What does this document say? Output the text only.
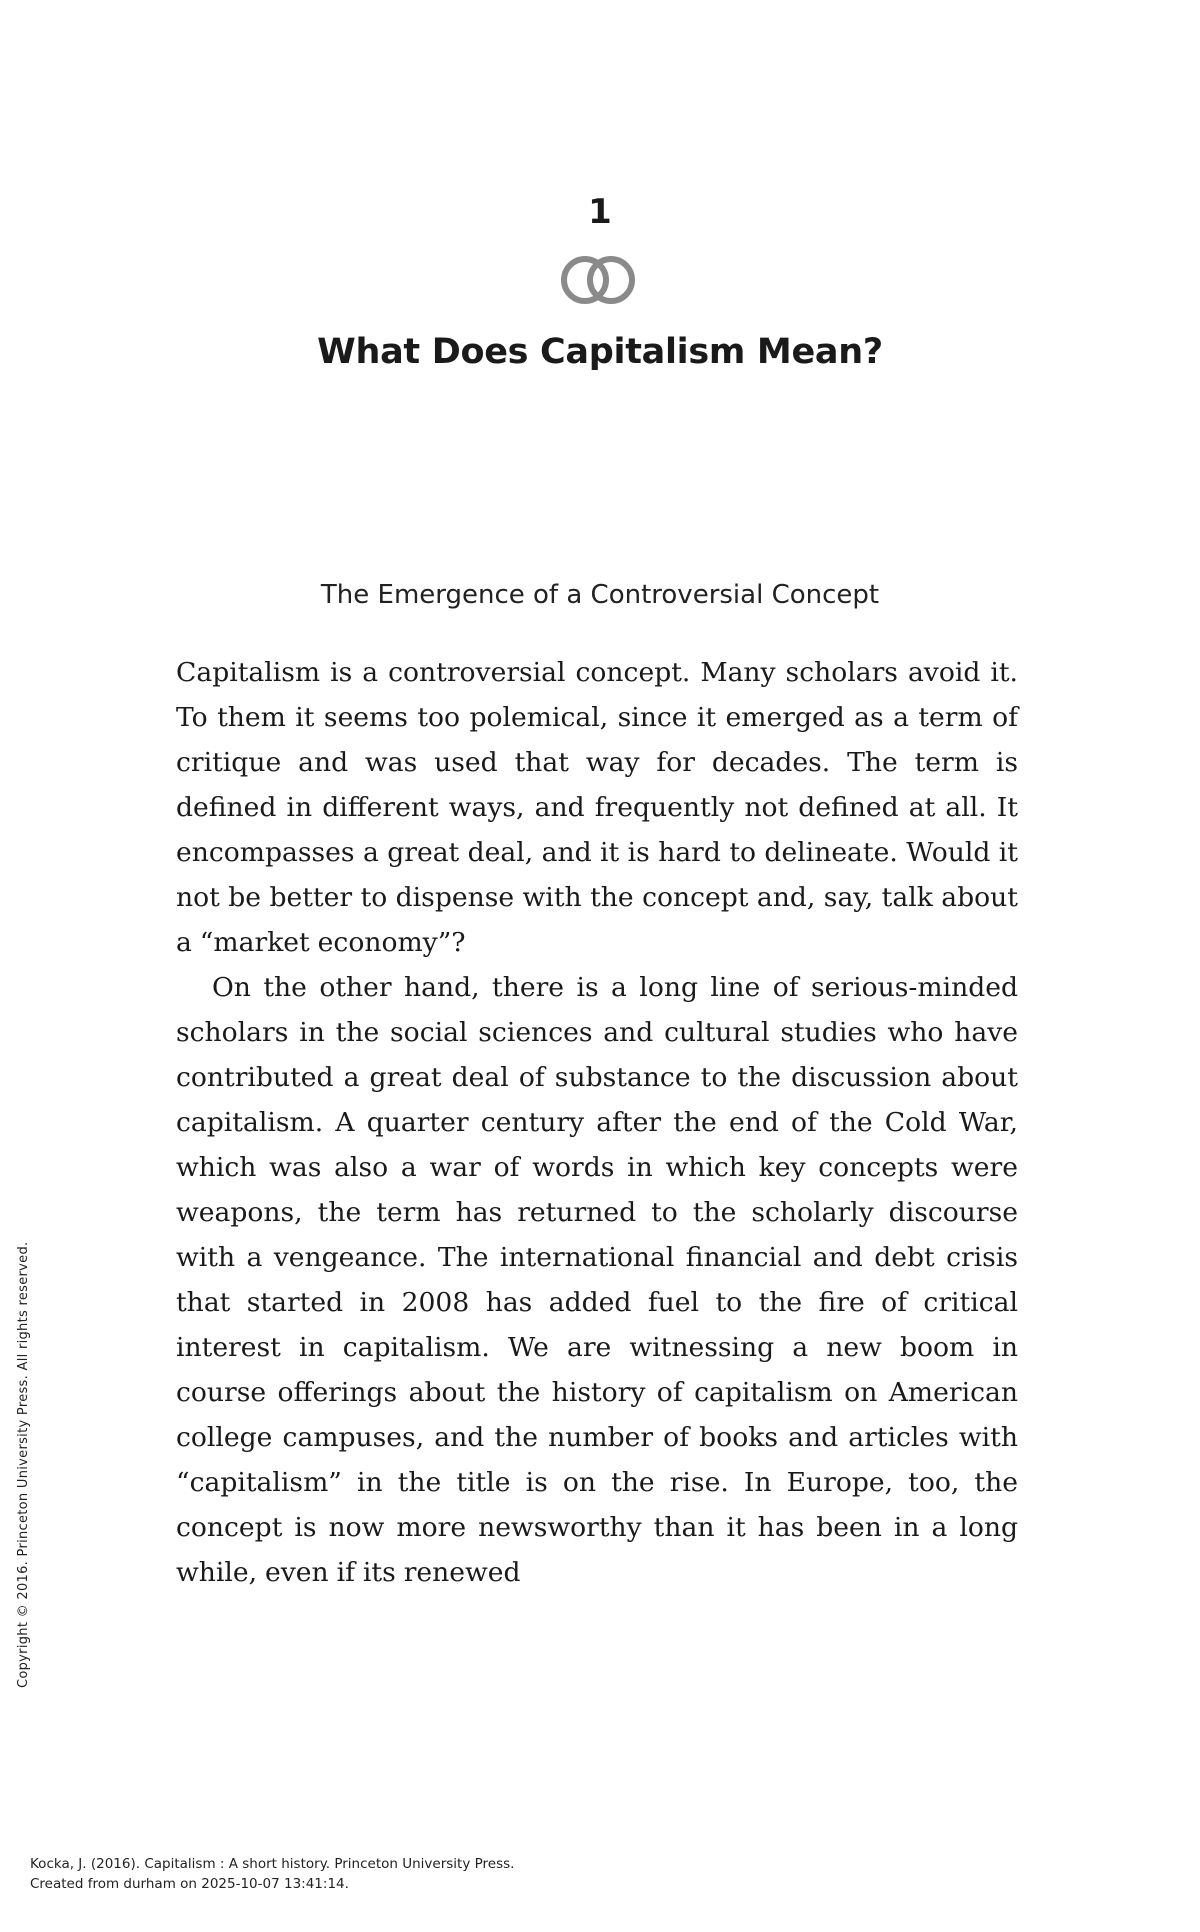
1
What Does Capitalism Mean?
The Emergence of a Controversial Concept

Capitalism is a controversial concept. Many scholars avoid it. To them it seems too polemical, since it emerged as a term of critique and was used that way for decades. The term is defined in different ways, and frequently not defined at all. It encompasses a great deal, and it is hard to delineate. Would it not be better to dispense with the concept and, say, talk about a “market economy”?

On the other hand, there is a long line of serious-minded scholars in the social sciences and cultural studies who have contributed a great deal of substance to the discussion about capitalism. A quarter century after the end of the Cold War, which was also a war of words in which key concepts were weapons, the term has returned to the scholarly discourse with a vengeance. The international financial and debt crisis that started in 2008 has added fuel to the fire of critical interest in capitalism. We are witnessing a new boom in course offerings about the history of capitalism on American college campuses, and the number of books and articles with “capitalism” in the title is on the rise. In Europe, too, the concept is now more newsworthy than it has been in a long while, even if its renewed

Copyright © 2016. Princeton University Press. All rights reserved.
Kocka, J. (2016). Capitalism : A short history. Princeton University Press.
Created from durham on 2025-10-07 13:41:14.
